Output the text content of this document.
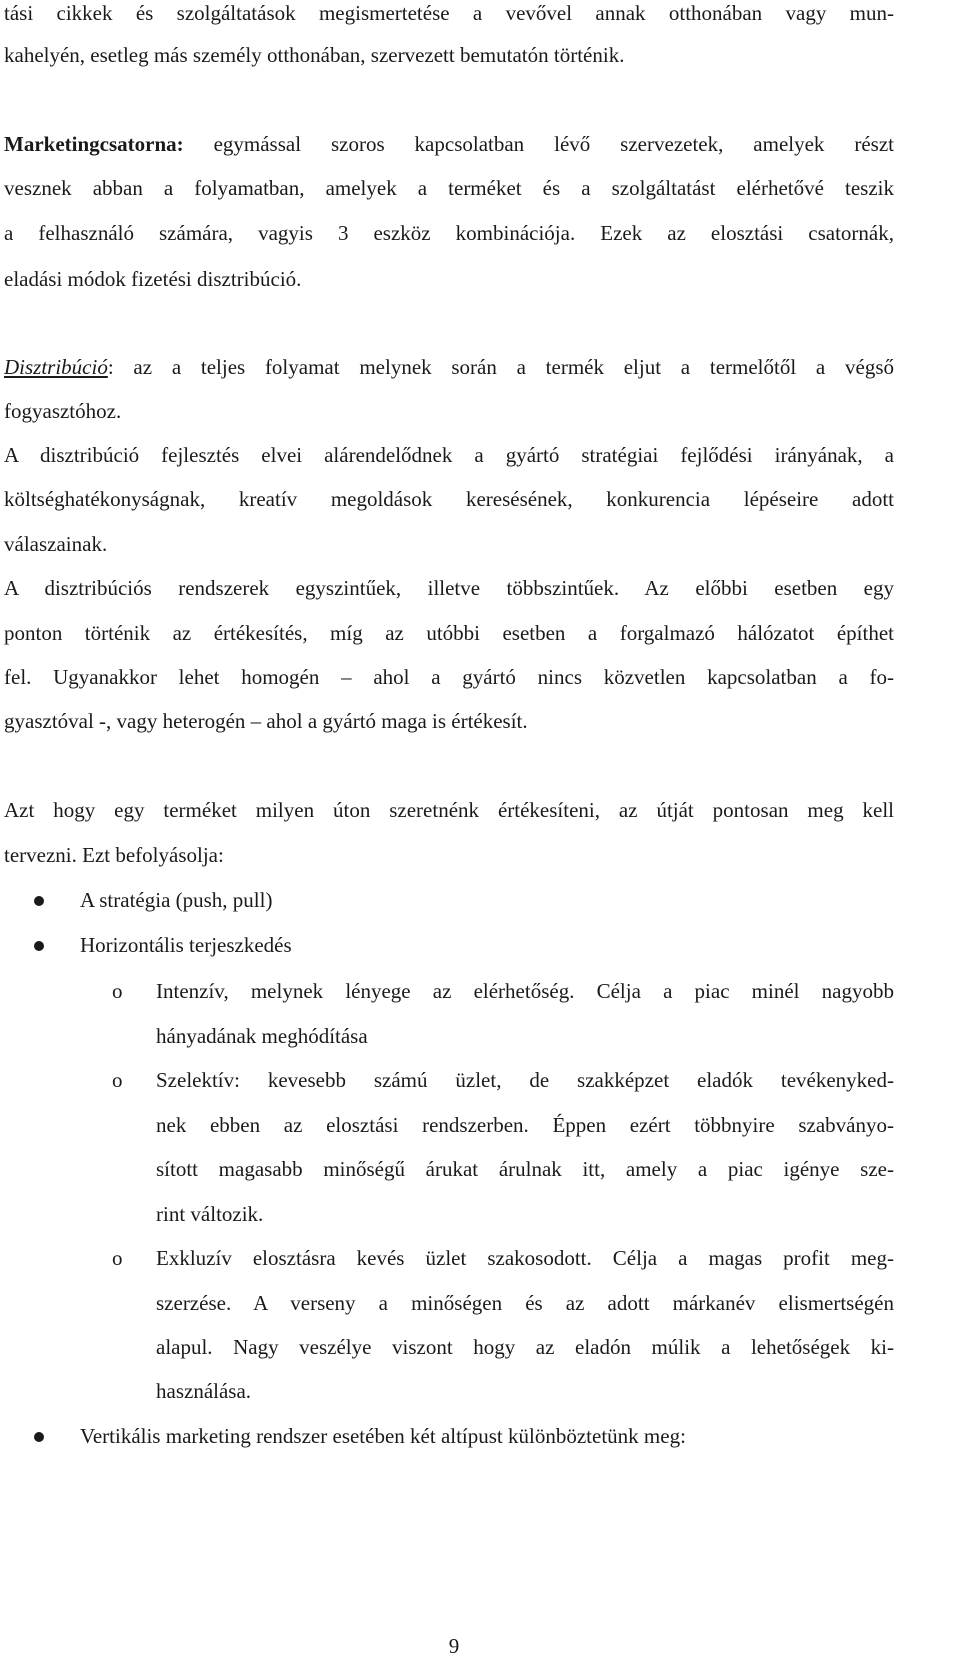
tási cikkek és szolgáltatások megismertetése a vevővel annak otthonában vagy mun-
kahelyén, esetleg más személy otthonában, szervezett bemutatón történik.
Marketingcsatorna: egymással szoros kapcsolatban lévő szervezetek, amelyek részt
vesznek abban a folyamatban, amelyek a terméket és a szolgáltatást elérhetővé teszik
a felhasználó számára, vagyis 3 eszköz kombinációja. Ezek az elosztási csatornák,
eladási módok fizetési disztribúció.
Disztribúció: az a teljes folyamat melynek során a termék eljut a termelőtől a végső
fogyasztóhoz.
A disztribúció fejlesztés elvei alárendelődnek a gyártó stratégiai fejlődési irányának, a
költséghatékonyságnak, kreatív megoldások keresésének, konkurencia lépéseire adott
válaszainak.
A disztribúciós rendszerek egyszintűek, illetve többszintűek. Az előbbi esetben egy
ponton történik az értékesítés, míg az utóbbi esetben a forgalmazó hálózatot építhet
fel. Ugyanakkor lehet homogén – ahol a gyártó nincs közvetlen kapcsolatban a fo-
gyasztóval -, vagy heterogén – ahol a gyártó maga is értékesít.
Azt hogy egy terméket milyen úton szeretnénk értékesíteni, az útját pontosan meg kell
tervezni. Ezt befolyásolja:
A stratégia (push, pull)
Horizontális terjeszkedés
o Intenzív, melynek lényege az elérhetőség. Célja a piac minél nagyobb
hányadának meghódítása
o Szelektív: kevesebb számú üzlet, de szakképzet eladók tevékenyked-
nek ebben az elosztási rendszerben. Éppen ezért többnyire szabványo-
sított magasabb minőségű árukat árulnak itt, amely a piac igénye sze-
rint változik.
o Exkluzív elosztásra kevés üzlet szakosodott. Célja a magas profit meg-
szerzése. A verseny a minőségen és az adott márkanév elismertségén
alapul. Nagy veszélye viszont hogy az eladón múlik a lehetőségek ki-
használása.
Vertikális marketing rendszer esetében két altípust különböztetünk meg:
9
